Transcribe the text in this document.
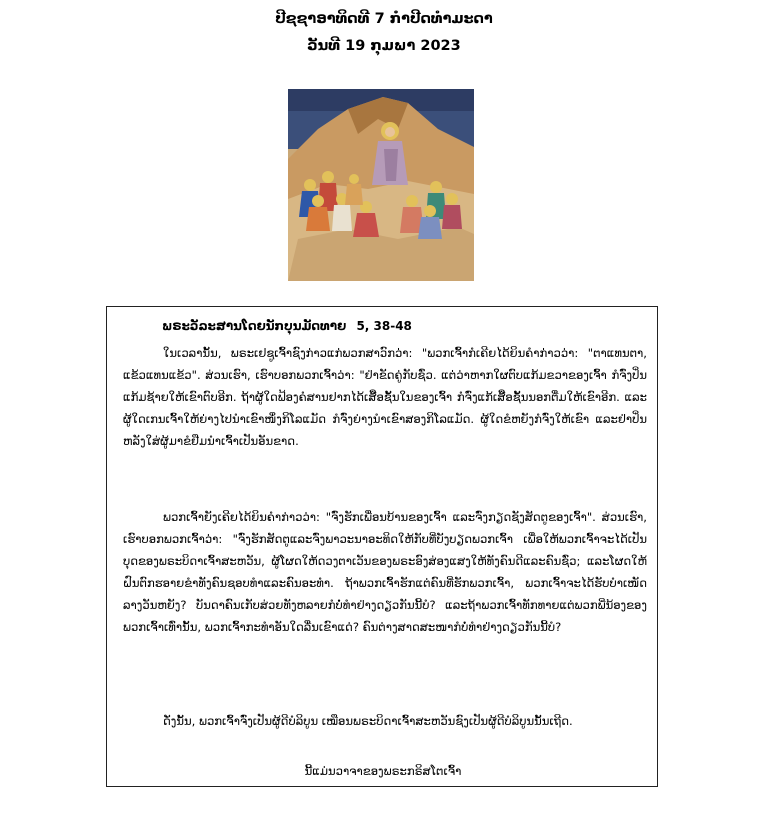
ປີຊຊາອາທິດທີ 7 ກໍາປີດທໍາມະດາ
ວັນທີ 19 ກຸມພາ 2023
ພຣະວັລະສານໂດຍນັກບຸນມັດທາຍ 5, 38-48

ໃນເວລານັ້ນ, ພຣະເຢຊູເຈົ້າຊົງກ່າວແກ່ພວກສາວົກວ່າ: "ພວກເຈົ້າກໍເຄີຍໄດ້ຍິນຄໍາກ່າວວ່າ: "ຕາແທນຕາ, ແຂ້ວແທນແຂ້ວ". ສ່ວນເຮົາ, ເຮົາບອກພວກເຈົ້າວ່າ: "ຢ່າຂັດຄູ່ກັບຊົ່ວ. ແຕ່ວ່າຫາກໃຜຕົບແກ້ມຂວາຂອງເຈົ້າ ກໍຈົ່ງປິ່ນແກ້ມຊ້າຍໃຫ້ເຂົາຕົບອີກ. ຖ້າຜູ້ໃດຟ້ອງຄໍສານຢາກໄດ້ເສື້ອຊັ້ນໃນຂອງເຈົ້າ ກໍຈົ່ງແກ້ເສື້ອຊັ້ນນອກຕື່ມໃຫ້ເຂົາອີກ. ແລະຜູ້ໃດເກນເຈົ້າໃຫ້ຍ່າງໄປນຳເຂົາໜຶ່ງກິໂລແມັດ ກໍຈົ່ງຍ່າງນຳເຂົາສອງກິໂລແມັດ. ຜູ້ໃດຂໍຫຍັງກໍຈົ່ງໃຫ້ເຂົາ ແລະຢ່າປິ່ນຫລັງໃສ່ຜູ້ມາຂໍຢືມນຳເຈົ້າເປັນອັນຂາດ.

ພວກເຈົ້າຍັງເຄີຍໄດ້ຍິນຄໍາກ່າວວ່າ: "ຈົ່ງຮັກເພື່ອນບ້ານຂອງເຈົ້າ ແລະຈົ່ງກຽດຊັງສັດຕູຂອງເຈົ້າ". ສ່ວນເຮົາ, ເຮົາບອກພວກເຈົ້າວ່າ: "ຈົ່ງຮັກສັດຕູແລະຈົ່ງພາວະນາອະທິດໃຫ້ກັບທີ່ບັງບຽດພວກເຈົ້າ ເພື່ອໃຫ້ພວກເຈົ້າຈະໄດ້ເປັນບຸດຂອງພຣະບິດາເຈົ້າສະຫວັນ, ຜູ້ໂຜດໃຫ້ດວງຕາເວັນຂອງພຣະອົງສ່ອງແສງໃຫ້ທັງຄົນດີແລະຄົນຊົ່ວ; ແລະໂຜດໃຫ້ຝົນຕົກຮອາຍຂຳທັງຄົນຊອບທຳແລະຄົນອະທຳ. ຖ້າພວກເຈົ້າຮັກແຕ່ຄົນທີ່ຮັກພວກເຈົ້າ, ພວກເຈົ້າຈະໄດ້ຮັບບຳເໜັດລາງວັນຫຍັງ? ບັນດາຄົນເກັບສ່ວຍທັງຫລາຍກໍບໍ່ທຳຢ່າງດຽວກັນນີ້ບໍ? ແລະຖ້າພວກເຈົ້າທັກທາຍແຕ່ພວກພີ່ນ້ອງຂອງພວກເຈົ້າເທົ່ານັ້ນ, ພວກເຈົ້າກະທຳອັນໃດລື່ນເຂົາແດ່? ຄົນຕ່າງສາດສະໜາກໍບໍ່ທຳຢ່າງດຽວກັນນີ້ບໍ?

ດັ່ງນັ້ນ, ພວກເຈົ້າຈົ່ງເປັນຜູ້ດີບໍລິບູນ ເໝືອນພຣະບິດາເຈົ້າສະຫວັນຊົງເປັນຜູ້ດີບໍລິບູນນັ້ນເຖີດ.

ນີ້ແມ່ນວາຈາຂອງພຣະກຣິສໂຕເຈົ້າ
